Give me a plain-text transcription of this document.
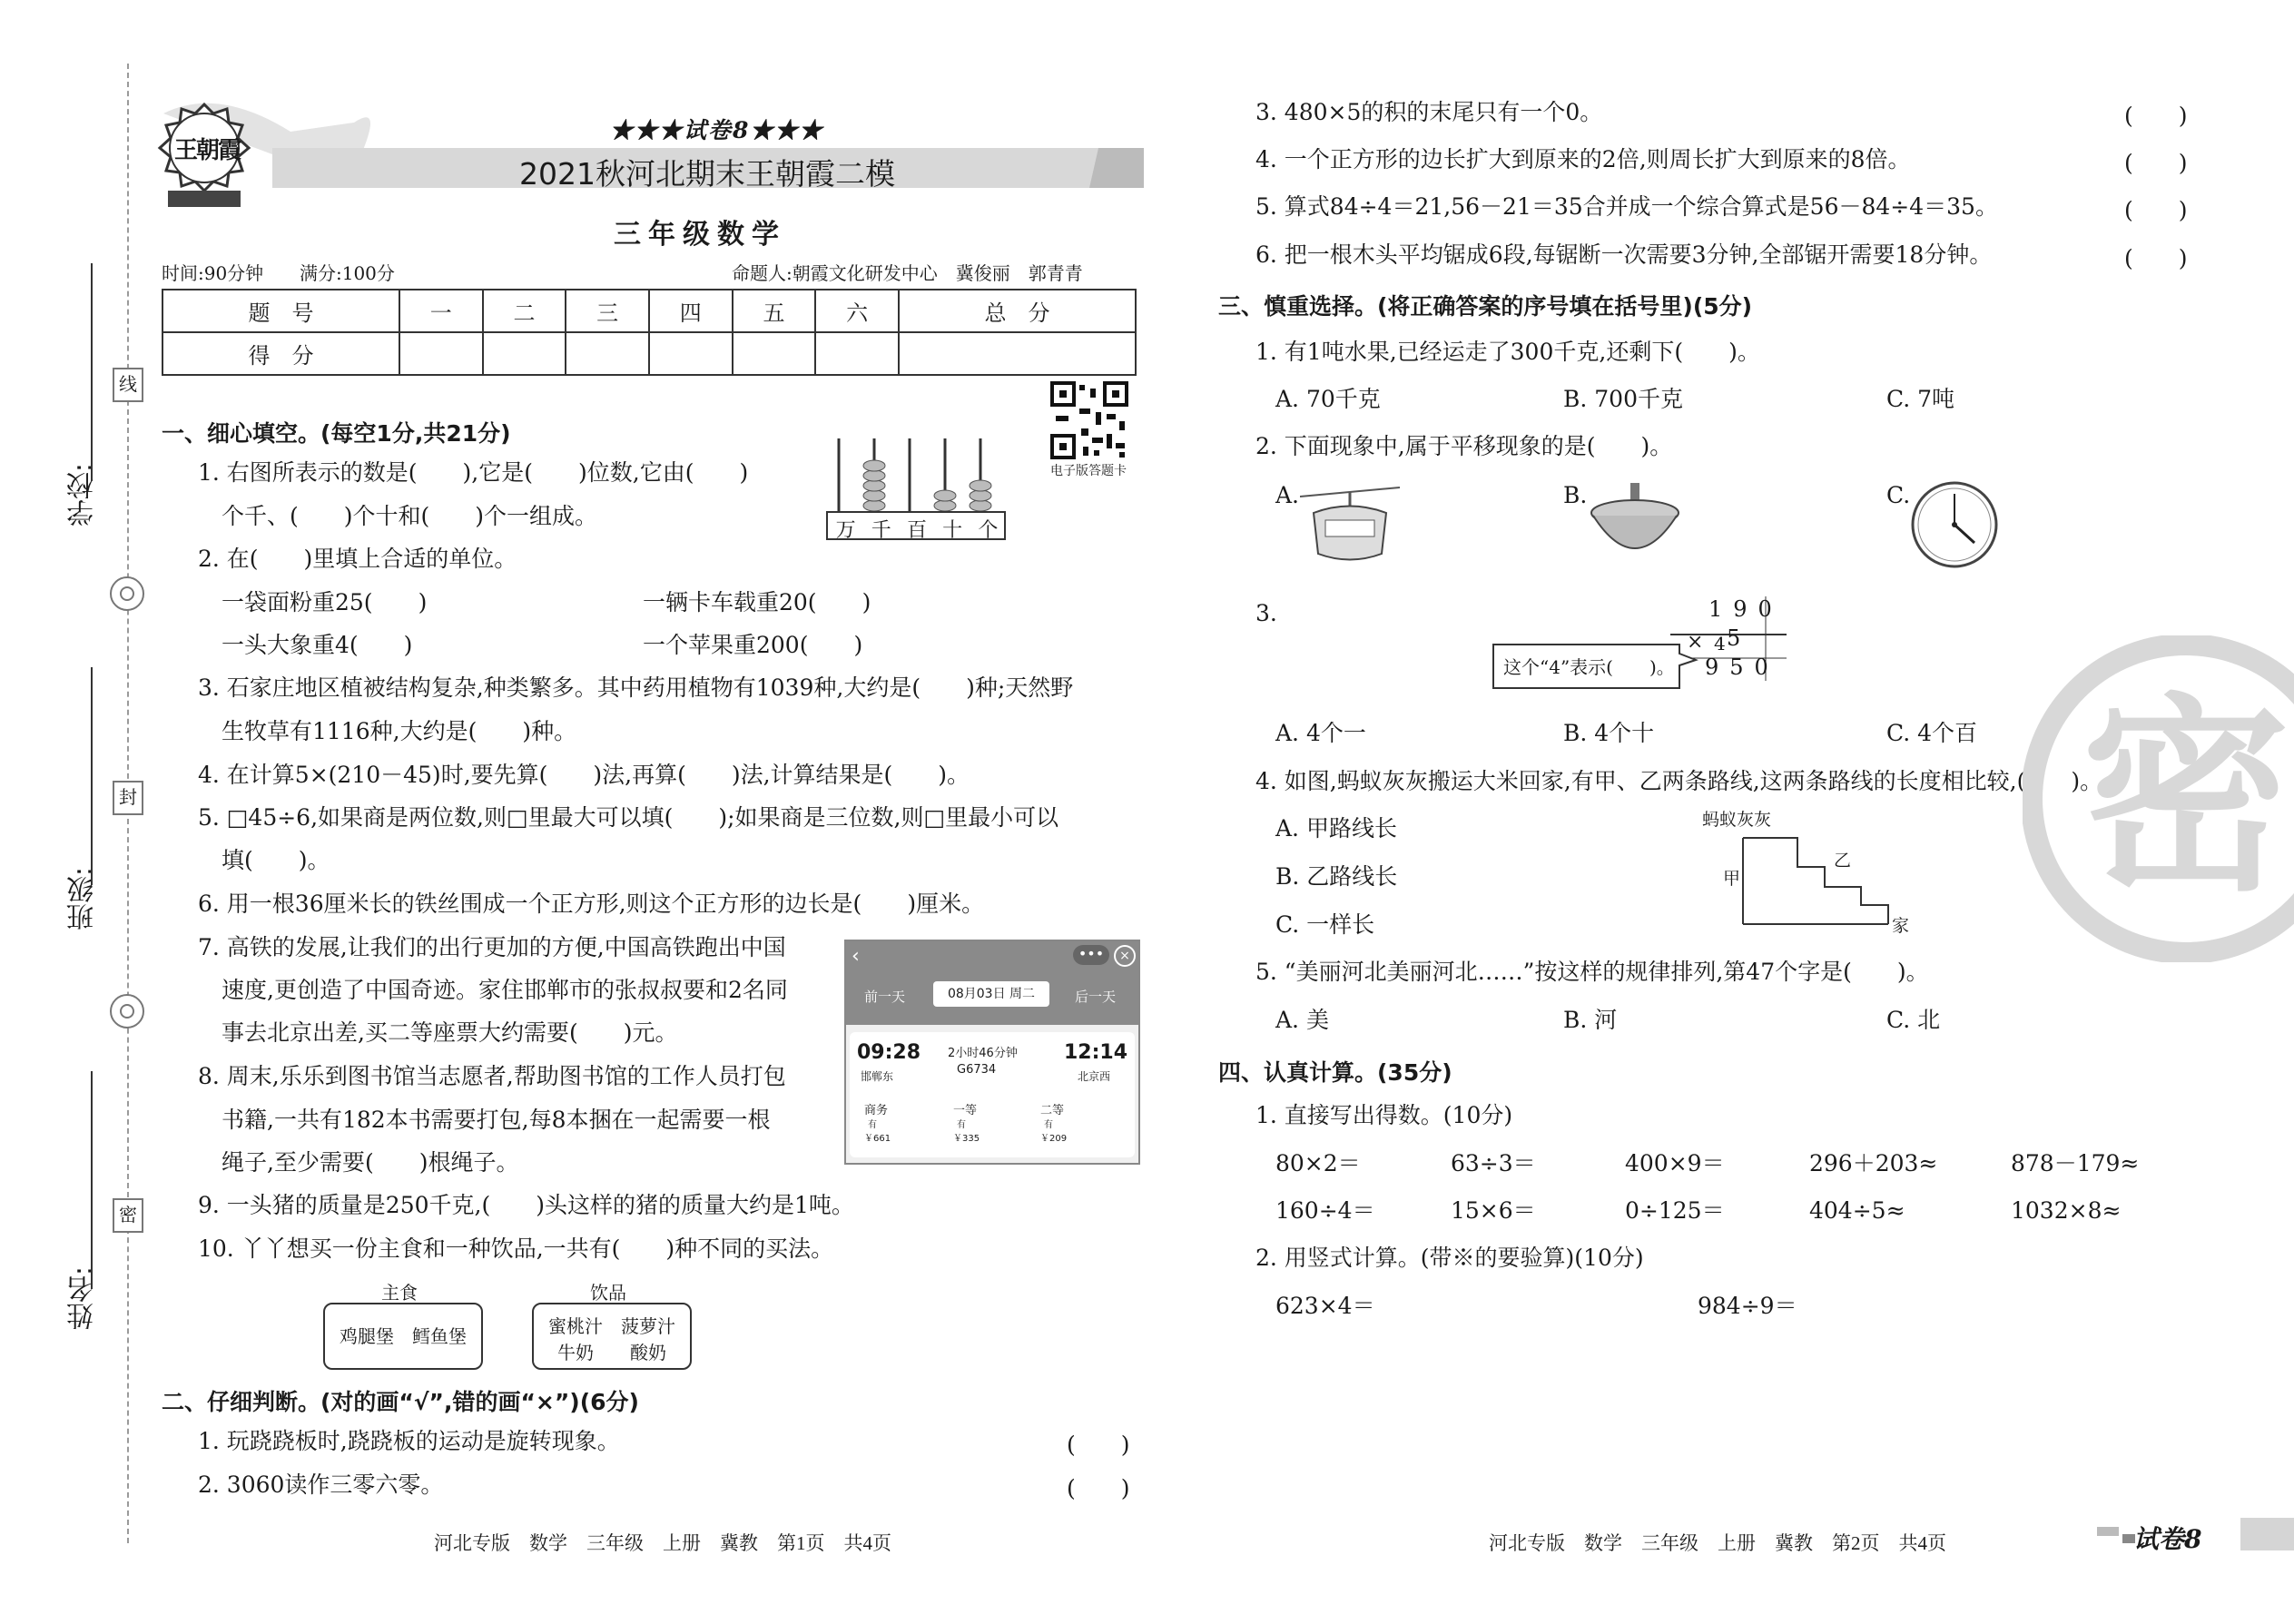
线
封
密
学校:
班级:
姓名:
王朝霞
★★★试卷8★★★
2021秋河北期末王朝霞二模
三年级数学
时间:90分钟 满分:100分	命题人:朝霞文化研发中心　冀俊丽　郭青青
题　号	一	二	三	四	五	六	总　分
得　分							
电子版答题卡
一、细心填空。(每空1分,共21分)
1. 右图所表示的数是(　　),它是(　　)位数,它由(　　)
个千、(　　)个十和(　　)个一组成。
2. 在(　　)里填上合适的单位。
一袋面粉重25(　　)	一辆卡车载重20(　　)
一头大象重4(　　)	一个苹果重200(　　)
3. 石家庄地区植被结构复杂,种类繁多。其中药用植物有1039种,大约是(　　)种;天然野
生牧草有1116种,大约是(　　)种。
4. 在计算5×(210－45)时,要先算(　　)法,再算(　　)法,计算结果是(　　)。
5. □45÷6,如果商是两位数,则□里最大可以填(　　);如果商是三位数,则□里最小可以
填(　　)。
6. 用一根36厘米长的铁丝围成一个正方形,则这个正方形的边长是(　　)厘米。
7. 高铁的发展,让我们的出行更加的方便,中国高铁跑出中国
速度,更创造了中国奇迹。家住邯郸市的张叔叔要和2名同
事去北京出差,买二等座票大约需要(　　)元。
8. 周末,乐乐到图书馆当志愿者,帮助图书馆的工作人员打包
书籍,一共有182本书需要打包,每8本捆在一起需要一根
绳子,至少需要(　　)根绳子。
9. 一头猪的质量是250千克,(　　)头这样的猪的质量大约是1吨。
10. 丫丫想买一份主食和一种饮品,一共有(　　)种不同的买法。
万 千 百 十 个
‹	•••	×
前一天	08月03日 周二	后一天
09:28
邯郸东
2小时46分钟
G6734
12:14
北京西
商务
有
￥661
一等
有
￥335
二等
有
￥209
主食
鸡腿堡　鳕鱼堡
饮品
蜜桃汁　菠萝汁
牛奶　　酸奶
二、仔细判断。(对的画“√”,错的画“×”)(6分)
1. 玩跷跷板时,跷跷板的运动是旋转现象。	(　　)
2. 3060读作三零六零。	(　　)
河北专版　数学　三年级　上册　冀教　第1页　共4页
3. 480×5的积的末尾只有一个0。	(　　)
4. 一个正方形的边长扩大到原来的2倍,则周长扩大到原来的8倍。	(　　)
5. 算式84÷4＝21,56－21＝35合并成一个综合算式是56－84÷4＝35。	(　　)
6. 把一根木头平均锯成6段,每锯断一次需要3分钟,全部锯开需要18分钟。	(　　)
三、慎重选择。(将正确答案的序号填在括号里)(5分)
1. 有1吨水果,已经运走了300千克,还剩下(　　)。
A. 70千克	B. 700千克	C. 7吨
2. 下面现象中,属于平移现象的是(　　)。
A.	B.	C.
3.	190
× 4 5
950
这个“4”表示(　　)。
A. 4个一	B. 4个十	C. 4个百
4. 如图,蚂蚁灰灰搬运大米回家,有甲、乙两条路线,这两条路线的长度相比较,(　　)。
A. 甲路线长
B. 乙路线长
C. 一样长
蚂蚁灰灰
甲
乙
家
5. “美丽河北美丽河北……”按这样的规律排列,第47个字是(　　)。
A. 美	B. 河	C. 北
四、认真计算。(35分)
1. 直接写出得数。(10分)
80×2＝	63÷3＝	400×9＝	296＋203≈	878－179≈
160÷4＝	15×6＝	0÷125＝	404÷5≈	1032×8≈
2. 用竖式计算。(带※的要验算)(10分)
623×4＝	984÷9＝
密
河北专版　数学　三年级　上册　冀教　第2页　共4页	试卷8
